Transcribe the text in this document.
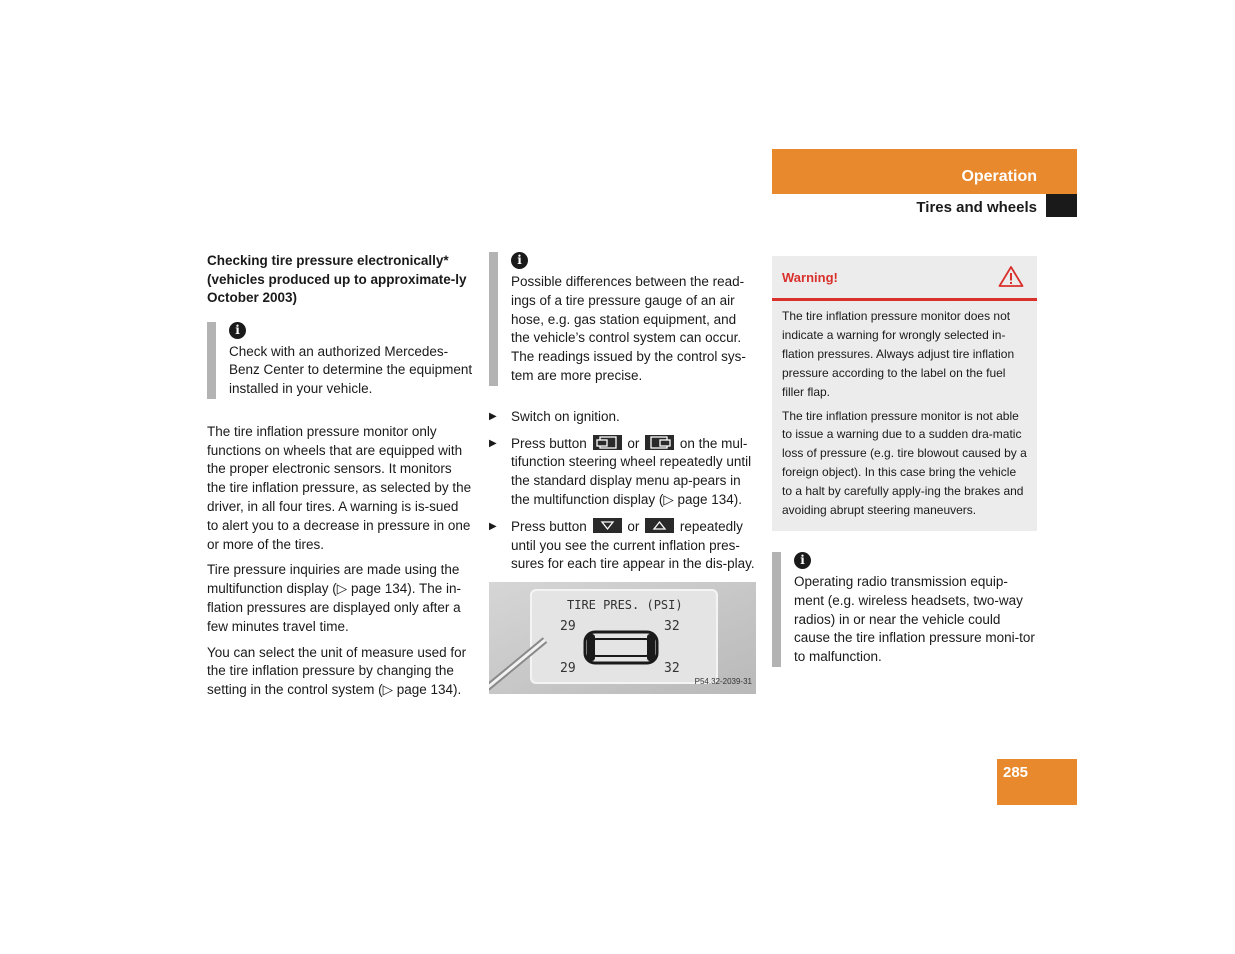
Operation
Tires and wheels
Checking tire pressure electronically* (vehicles produced up to approximate-ly October 2003)
i
Check with an authorized Mercedes-Benz Center to determine the equipment installed in your vehicle.
The tire inflation pressure monitor only functions on wheels that are equipped with the proper electronic sensors. It monitors the tire inflation pressure, as selected by the driver, in all four tires. A warning is is-sued to alert you to a decrease in pressure in one or more of the tires.
Tire pressure inquiries are made using the multifunction display (▷ page 134). The in-flation pressures are displayed only after a few minutes travel time.
You can select the unit of measure used for the tire inflation pressure by changing the setting in the control system (▷ page 134).
i
Possible differences between the read-ings of a tire pressure gauge of an air hose, e.g. gas station equipment, and the vehicle’s control system can occur. The readings issued by the control sys-tem are more precise.
▶ Switch on ignition.
▶ Press button	or	on the mul-tifunction steering wheel repeatedly until the standard display menu ap-pears in the multifunction display (▷ page 134).
▶ Press button	or	repeatedly until you see the current inflation pres-sures for each tire appear in the dis-play.
TIRE PRES. (PSI)
29	32
29	32
P54.32-2039-31
Warning!

The tire inflation pressure monitor does not indicate a warning for wrongly selected in-flation pressures. Always adjust tire inflation pressure according to the label on the fuel filler flap.

The tire inflation pressure monitor is not able to issue a warning due to a sudden dra-matic loss of pressure (e.g. tire blowout caused by a foreign object). In this case bring the vehicle to a halt by carefully apply-ing the brakes and avoiding abrupt steering maneuvers.

i
Operating radio transmission equip-ment (e.g. wireless headsets, two-way radios) in or near the vehicle could cause the tire inflation pressure moni-tor to malfunction.
285
